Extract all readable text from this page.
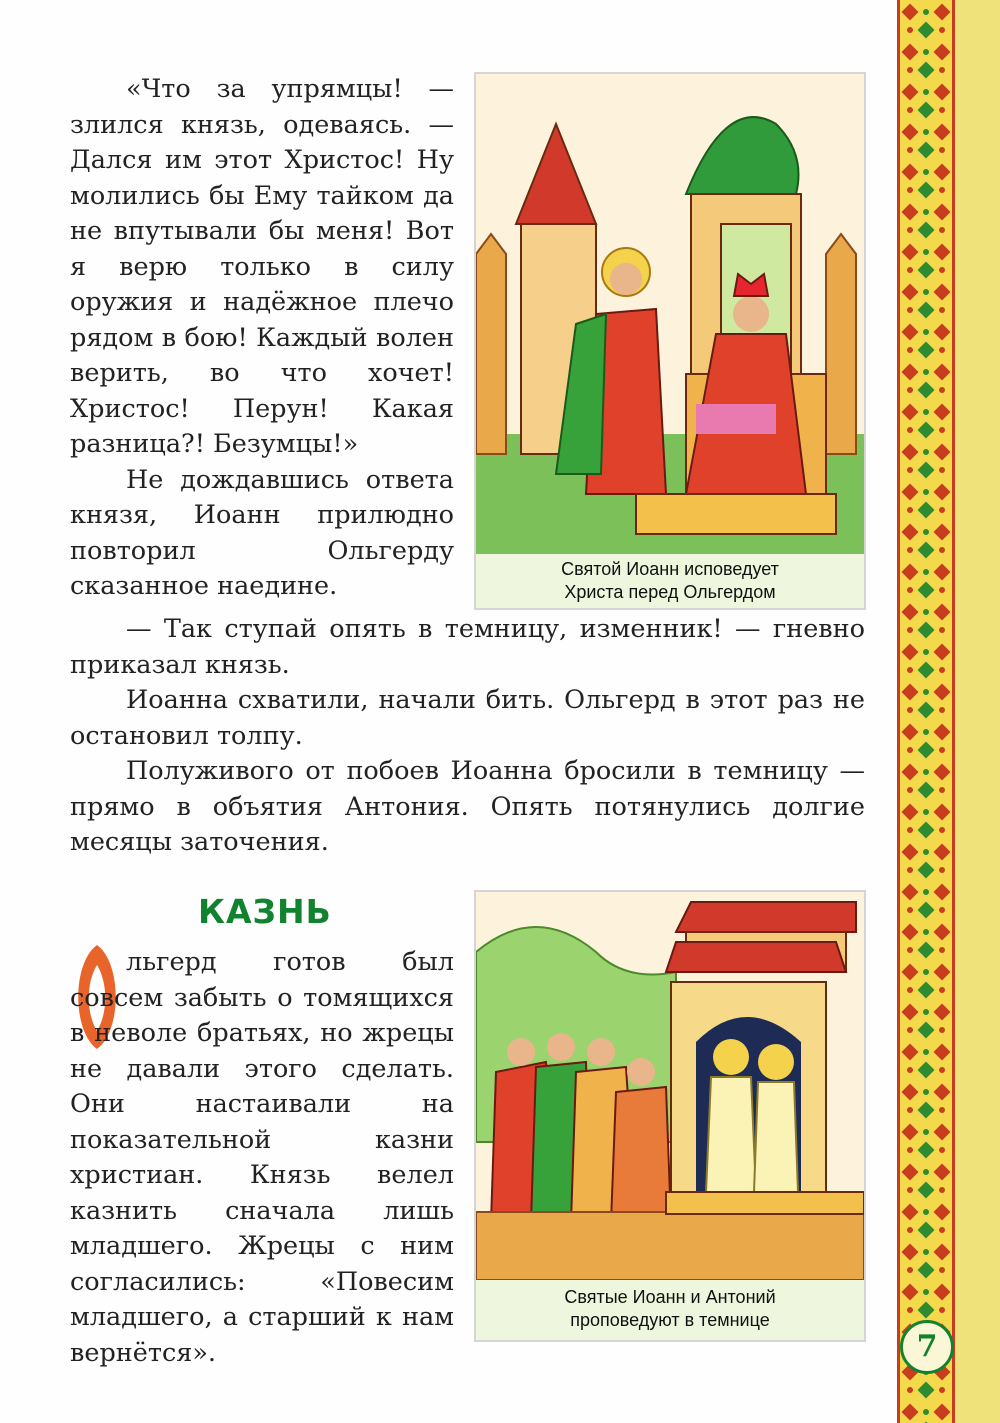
«Что за упрямцы! — злился князь, одеваясь. — Дался им этот Христос! Ну молились бы Ему тайком да не впутывали бы меня! Вот я верю только в силу оружия и надёжное плечо рядом в бою! Каждый волен верить, во что хочет! Христос! Перун! Какая разница?! Безумцы!»

Не дождавшись ответа князя, Иоанн прилюдно повторил Ольгерду сказанное наедине.

Святой Иоанн исповедует
Христа перед Ольгердом

— Так ступай опять в темницу, изменник! — гневно приказал князь.

Иоанна схватили, начали бить. Ольгерд в этот раз не остановил толпу.

Полуживого от побоев Иоанна бросили в темницу — прямо в объятия Антония. Опять потянулись долгие месяцы заточения.

КАЗНЬ

льгерд готов был совсем забыть о томящихся в неволе братьях, но жрецы не давали этого сделать. Они настаивали на показательной казни христиан. Князь велел казнить сначала лишь младшего. Жрецы с ним согласились: «Повесим младшего, а старший к нам вернётся».

Святые Иоанн и Антоний
проповедуют в темнице
7
